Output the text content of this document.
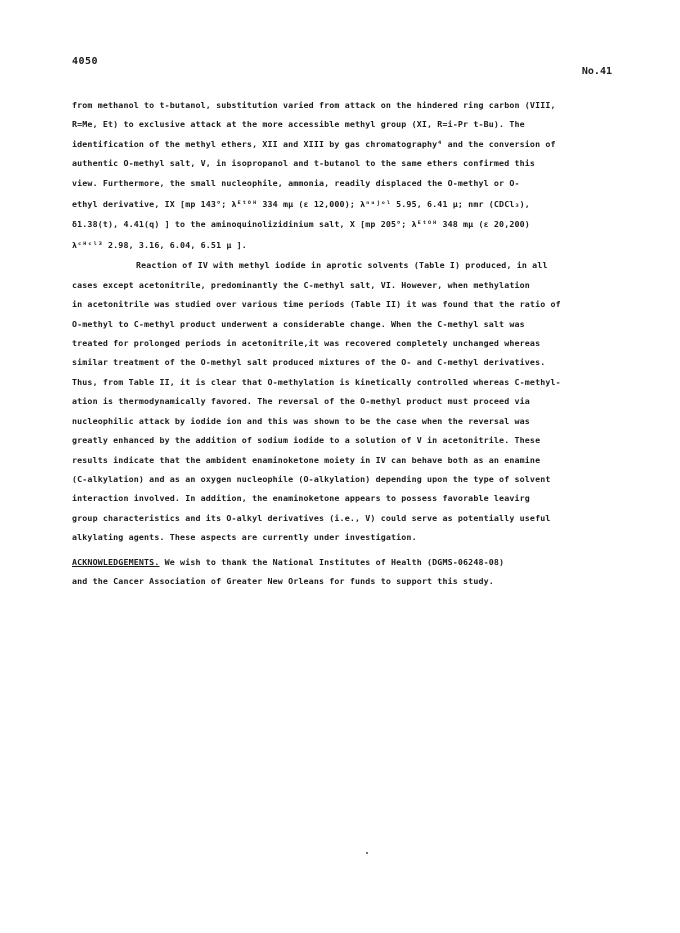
4050
No.41
from methanol to t-butanol, substitution varied from attack on the hindered ring carbon (VIII,
R=Me, Et) to exclusive attack at the more accessible methyl group (XI, R=i-Pr t-Bu). The
identification of the methyl ethers, XII and XIII by gas chromatography⁴ and the conversion of
authentic O-methyl salt, V, in isopropanol and t-butanol to the same ethers confirmed this
view. Furthermore, the small nucleophile, ammonia, readily displaced the O-methyl or O-
ethyl derivative, IX [mp 143°; λᴱᵗᴼᴴ 334 mμ (ε 12,000); λⁿᵘʲᵒˡ 5.95, 6.41 μ; nmr (CDCl₃),
δ1.38(t), 4.41(q) ] to the aminoquinolizidinium salt, X [mp 205°; λᴱᵗᴼᴴ 348 mμ (ε 20,200)
λᶜᴴᶜˡ³ 2.98, 3.16, 6.04, 6.51 μ ].
Reaction of IV with methyl iodide in aprotic solvents (Table I) produced, in all
cases except acetonitrile, predominantly the C-methyl salt, VI. However, when methylation
in acetonitrile was studied over various time periods (Table II) it was found that the ratio of
O-methyl to C-methyl product underwent a considerable change. When the C-methyl salt was
treated for prolonged periods in acetonitrile,it was recovered completely unchanged whereas
similar treatment of the O-methyl salt produced mixtures of the O- and C-methyl derivatives.
Thus, from Table II, it is clear that O-methylation is kinetically controlled whereas C-methyl-
ation is thermodynamically favored. The reversal of the O-methyl product must proceed via
nucleophilic attack by iodide ion and this was shown to be the case when the reversal was
greatly enhanced by the addition of sodium iodide to a solution of V in acetonitrile. These
results indicate that the ambident enaminoketone moiety in IV can behave both as an enamine
(C-alkylation) and as an oxygen nucleophile (O-alkylation) depending upon the type of solvent
interaction involved. In addition, the enaminoketone appears to possess favorable leavirg
group characteristics and its O-alkyl derivatives (i.e., V) could serve as potentially useful
alkylating agents. These aspects are currently under investigation.
ACKNOWLEDGEMENTS. We wish to thank the National Institutes of Health (DGMS-06248-08)
and the Cancer Association of Greater New Orleans for funds to support this study.
